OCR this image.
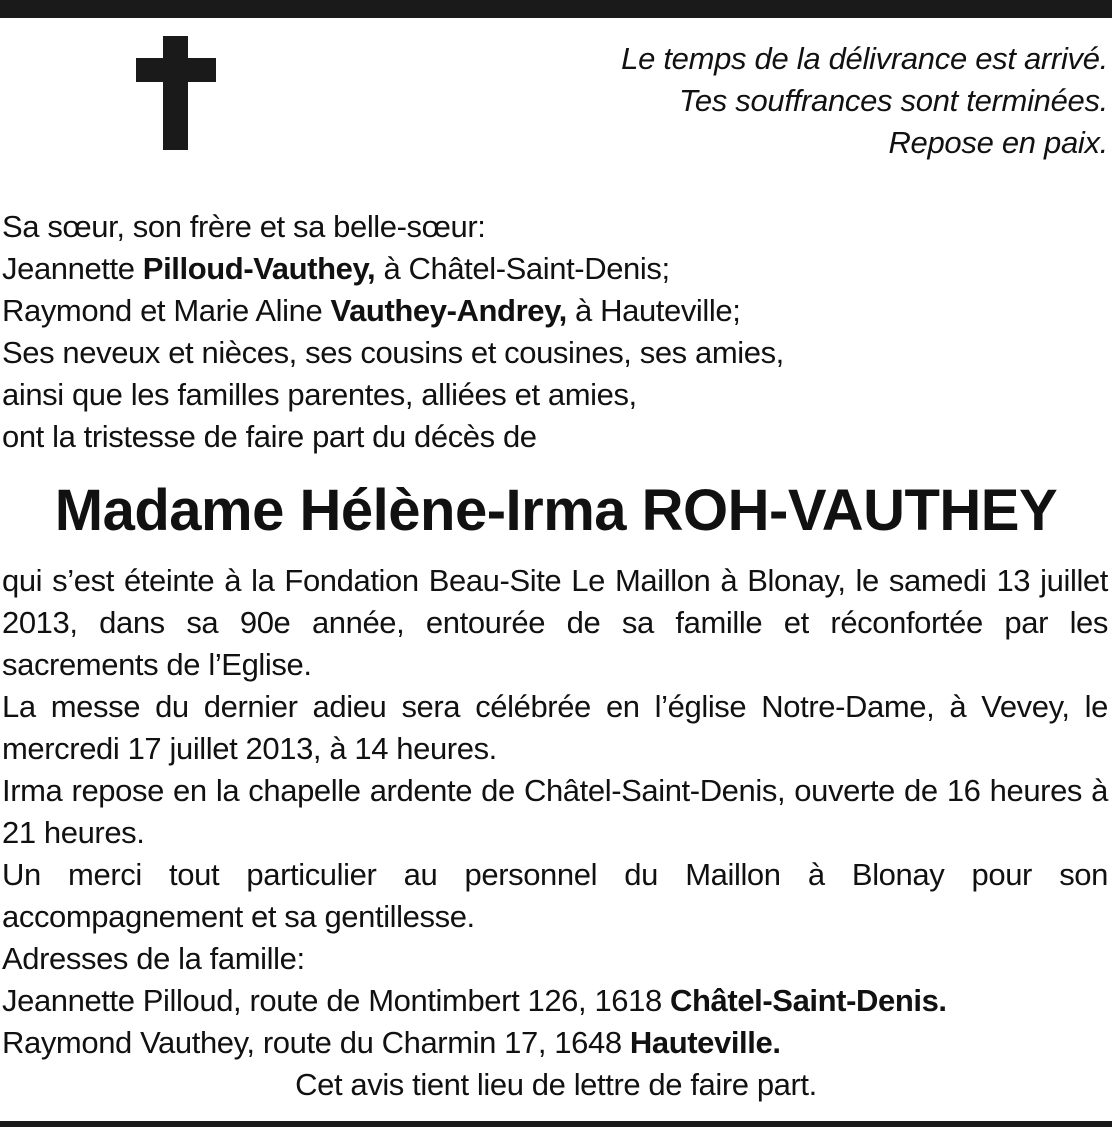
Le temps de la délivrance est arrivé.
Tes souffrances sont terminées.
Repose en paix.
Sa sœur, son frère et sa belle-sœur:
Jeannette Pilloud-Vauthey, à Châtel-Saint-Denis;
Raymond et Marie Aline Vauthey-Andrey, à Hauteville;
Ses neveux et nièces, ses cousins et cousines, ses amies,
ainsi que les familles parentes, alliées et amies,
ont la tristesse de faire part du décès de
Madame Hélène-Irma ROH-VAUTHEY

qui s’est éteinte à la Fondation Beau-Site Le Maillon à Blonay, le samedi 13 juillet 2013, dans sa 90e année, entourée de sa famille et réconfortée par les sacrements de l’Eglise.

La messe du dernier adieu sera célébrée en l’église Notre-Dame, à Vevey, le mercredi 17 juillet 2013, à 14 heures.

Irma repose en la chapelle ardente de Châtel-Saint-Denis, ouverte de 16 heures à 21 heures.

Un merci tout particulier au personnel du Maillon à Blonay pour son accompagnement et sa gentillesse.

Adresses de la famille:
Jeannette Pilloud, route de Montimbert 126, 1618 Châtel-Saint-Denis.
Raymond Vauthey, route du Charmin 17, 1648 Hauteville.
Cet avis tient lieu de lettre de faire part.
